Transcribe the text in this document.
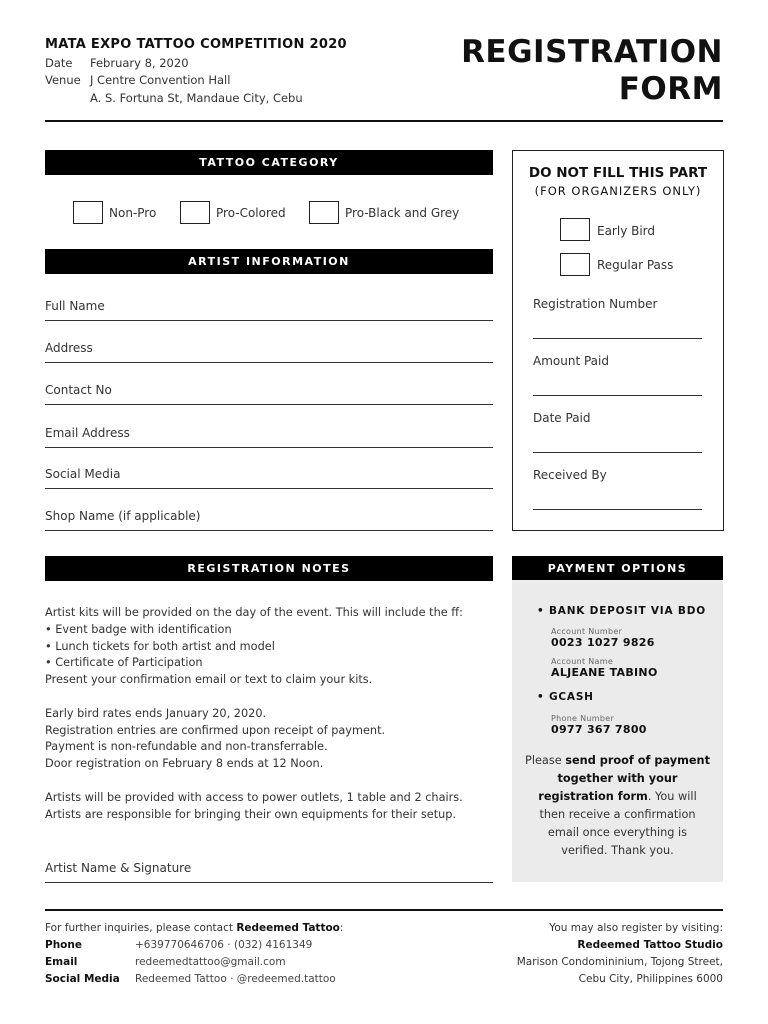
MATA EXPO TATTOO COMPETITION 2020
Date February 8, 2020
Venue J Centre Convention Hall
A. S. Fortuna St, Mandaue City, Cebu
REGISTRATION
FORM
TATTOO CATEGORY
Non-Pro	Pro-Colored	Pro-Black and Grey
ARTIST INFORMATION
Full Name
Address
Contact No
Email Address
Social Media
Shop Name (if applicable)
DO NOT FILL THIS PART
(FOR ORGANIZERS ONLY)
Early Bird
Regular Pass
Registration Number
Amount Paid
Date Paid
Received By
REGISTRATION NOTES

Artist kits will be provided on the day of the event. This will include the ff:
• Event badge with identification
• Lunch tickets for both artist and model
• Certificate of Participation
Present your confirmation email or text to claim your kits.

Early bird rates ends January 20, 2020.
Registration entries are confirmed upon receipt of payment.
Payment is non-refundable and non-transferrable.
Door registration on February 8 ends at 12 Noon.

Artists will be provided with access to power outlets, 1 table and 2 chairs.
Artists are responsible for bringing their own equipments for their setup.

Artist Name & Signature
PAYMENT OPTIONS
• BANK DEPOSIT VIA BDO
Account Number
0023 1027 9826
Account Name
ALJEANE TABINO
• GCASH
Phone Number
0977 367 7800
Please send proof of payment together with your registration form. You will then receive a confirmation email once everything is verified. Thank you.
For further inquiries, please contact Redeemed Tattoo:
Phone	+639770646706 · (032) 4161349
Email	redeemedtattoo@gmail.com
Social Media Redeemed Tattoo · @redeemed.tattoo
You may also register by visiting:
Redeemed Tattoo Studio
Marison Condomininium, Tojong Street,
Cebu City, Philippines 6000
